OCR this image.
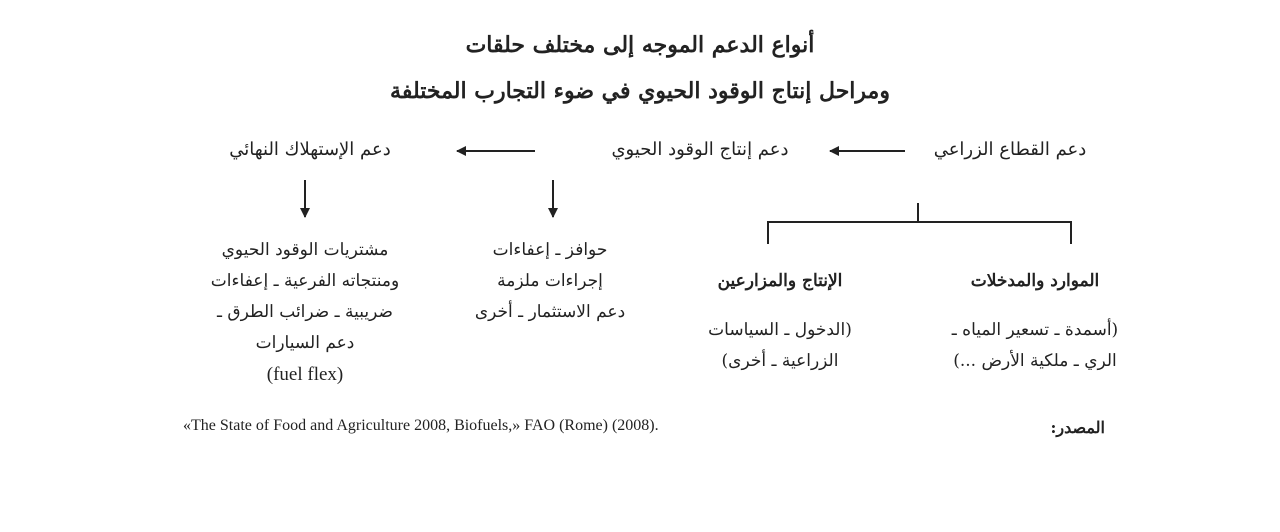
أنواع الدعم الموجه إلى مختلف حلقات
ومراحل إنتاج الوقود الحيوي في ضوء التجارب المختلفة
دعم القطاع الزراعي
دعم إنتاج الوقود الحيوي
دعم الإستهلاك النهائي
الموارد والمدخلات
(أسمدة ـ تسعير المياه ـ
الري ـ ملكية الأرض ...)
الإنتاج والمزارعين
(الدخول ـ السياسات
الزراعية ـ أخرى)
حوافز ـ إعفاءات
إجراءات ملزمة
دعم الاستثمار ـ أخرى
مشتريات الوقود الحيوي
ومنتجاته الفرعية ـ إعفاءات
ضريبية ـ ضرائب الطرق ـ
دعم السيارات
(fuel flex)
«The State of Food and Agriculture 2008, Biofuels,» FAO (Rome) (2008).	المصدر:
